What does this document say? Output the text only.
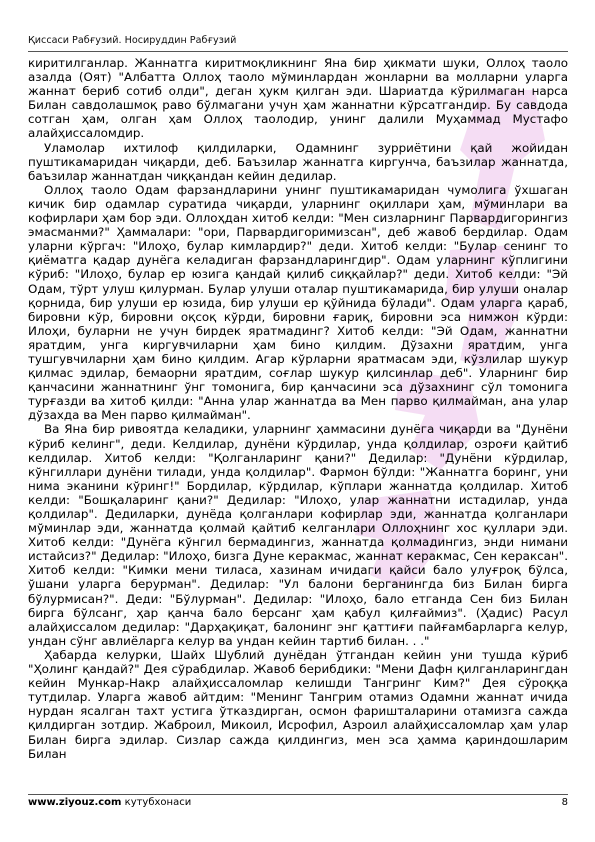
Қиссаси Рабғузий. Носируддин Рабғузий

киритилганлар. Жаннатга киритмоқликнинг Яна бир ҳикмати шуки, Оллоҳ таоло азалда (Оят) "Албатта Оллоҳ таоло мўминлардан жонларни ва молларни уларга жаннат бериб сотиб олди", деган ҳукм қилган эди. Шариатда кўрилмаган нарса Билан савдолашмоқ раво бўлмагани учун ҳам жаннатни кўрсатгандир. Бу савдода сотган ҳам, олган ҳам Оллоҳ таолодир, унинг далили Муҳаммад Мустафо алайҳиссаломдир.

Уламолар ихтилоф қилдиларки, Одамнинг зурриётини қай жойидан пуштикамаридан чиқарди, деб. Баъзилар жаннатга киргунча, баъзилар жаннатда, баъзилар жаннатдан чиққандан кейин дедилар.

Оллоҳ таоло Одам фарзандларини унинг пуштикамаридан чумолига ўхшаган кичик бир одамлар суратида чиқарди, уларнинг оқиллари ҳам, мўминлари ва кофирлари ҳам бор эди. Оллоҳдан хитоб келди: "Мен сизларнинг Парвардигорингиз эмасманми?" Ҳаммалари: "ори, Парвардигоримизсан", деб жавоб бердилар. Одам уларни кўргач: "Илоҳо, булар кимлардир?" деди. Хитоб келди: "Булар сенинг то қиёматга қадар дунёга келадиган фарзандларингдир". Одам уларнинг кўплигини кўриб: "Илоҳо, булар ер юзига қандай қилиб сиққайлар?" деди. Хитоб келди: "Эй Одам, тўрт улуш қилурман. Булар улуши оталар пуштикамарида, бир улуши оналар қорнида, бир улуши ер юзида, бир улуши ер қўйнида бўлади". Одам уларга қараб, бировни кўр, бировни оқсоқ кўрди, бировни ғариқ, бировни эса нимжон кўрди: Илоҳи, буларни не учун бирдек яратмадинг? Хитоб келди: "Эй Одам, жаннатни яратдим, унга киргувчиларни ҳам бино қилдим. Дўзахни яратдим, унга тушгувчиларни ҳам бино қилдим. Агар кўрларни яратмасам эди, кўзлилар шукур қилмас эдилар, бемаорни яратдим, соғлар шукур қилсинлар деб". Уларнинг бир қанчасини жаннатнинг ўнг томонига, бир қанчасини эса дўзахнинг сўл томонига турғазди ва хитоб қилди: "Анна улар жаннатда ва Мен парво қилмайман, ана улар дўзахда ва Мен парво қилмайман".

Ва Яна бир ривоятда келадики, уларнинг ҳаммасини дунёга чиқарди ва "Дунёни кўриб келинг", деди. Келдилар, дунёни кўрдилар, унда қолдилар, озроғи қайтиб келдилар. Хитоб келди: "Қолганларинг қани?" Дедилар: "Дунёни кўрдилар, кўнгиллари дунёни тилади, унда қолдилар". Фармон бўлди: "Жаннатга боринг, уни нима эканини кўринг!" Бордилар, кўрдилар, кўплари жаннатда қолдилар. Хитоб келди: "Бошқаларинг қани?" Дедилар: "Илоҳо, улар жаннатни истадилар, унда қолдилар". Дедиларки, дунёда қолганлари кофирлар эди, жаннатда қолганлари мўминлар эди, жаннатда қолмай қайтиб келганлари Оллоҳнинг хос қуллари эди. Хитоб келди: "Дунёга кўнгил бермадингиз, жаннатда қолмадингиз, энди нимани истайсиз?" Дедилар: "Илоҳо, бизга Дуне керакмас, жаннат керакмас, Сен кераксан". Хитоб келди: "Кимки мени тиласа, хазинам ичидаги қайси бало улуғроқ бўлса, ўшани уларга берурман". Дедилар: "Ул балони берганингда биз Билан бирга бўлурмисан?". Деди: "Бўлурман". Дедилар: "Илоҳо, бало етганда Сен биз Билан бирга бўлсанг, ҳар қанча бало берсанг ҳам қабул қилғаймиз". (Ҳадис) Расул алайҳиссалом дедилар: "Дарҳақиқат, балонинг энг қаттиғи пайғамбарларга келур, ундан сўнг авлиёларга келур ва ундан кейин тартиб билан. . ."

Ҳабарда келурки, Шайх Шублий дунёдан ўтгандан кейин уни тушда кўриб "Ҳолинг қандай?" Дея сўрабдилар. Жавоб берибдики: "Мени Дафн қилганларингдан кейин Мункар-Накр алайҳиссаломлар келишди Тангринг Ким?" Дея сўроққа тутдилар. Уларга жавоб айтдим: "Менинг Тангрим отамиз Одамни жаннат ичида нурдан ясалган тахт устига ўтказдирган, осмон фаришталарини отамизга сажда қилдирган зотдир. Жаброил, Микоил, Исрофил, Азроил алайҳиссаломлар ҳам улар Билан бирга эдилар. Сизлар сажда қилдингиз, мен эса ҳамма қариндошларим Билан

www.ziyouz.com кутубхонаси	8
